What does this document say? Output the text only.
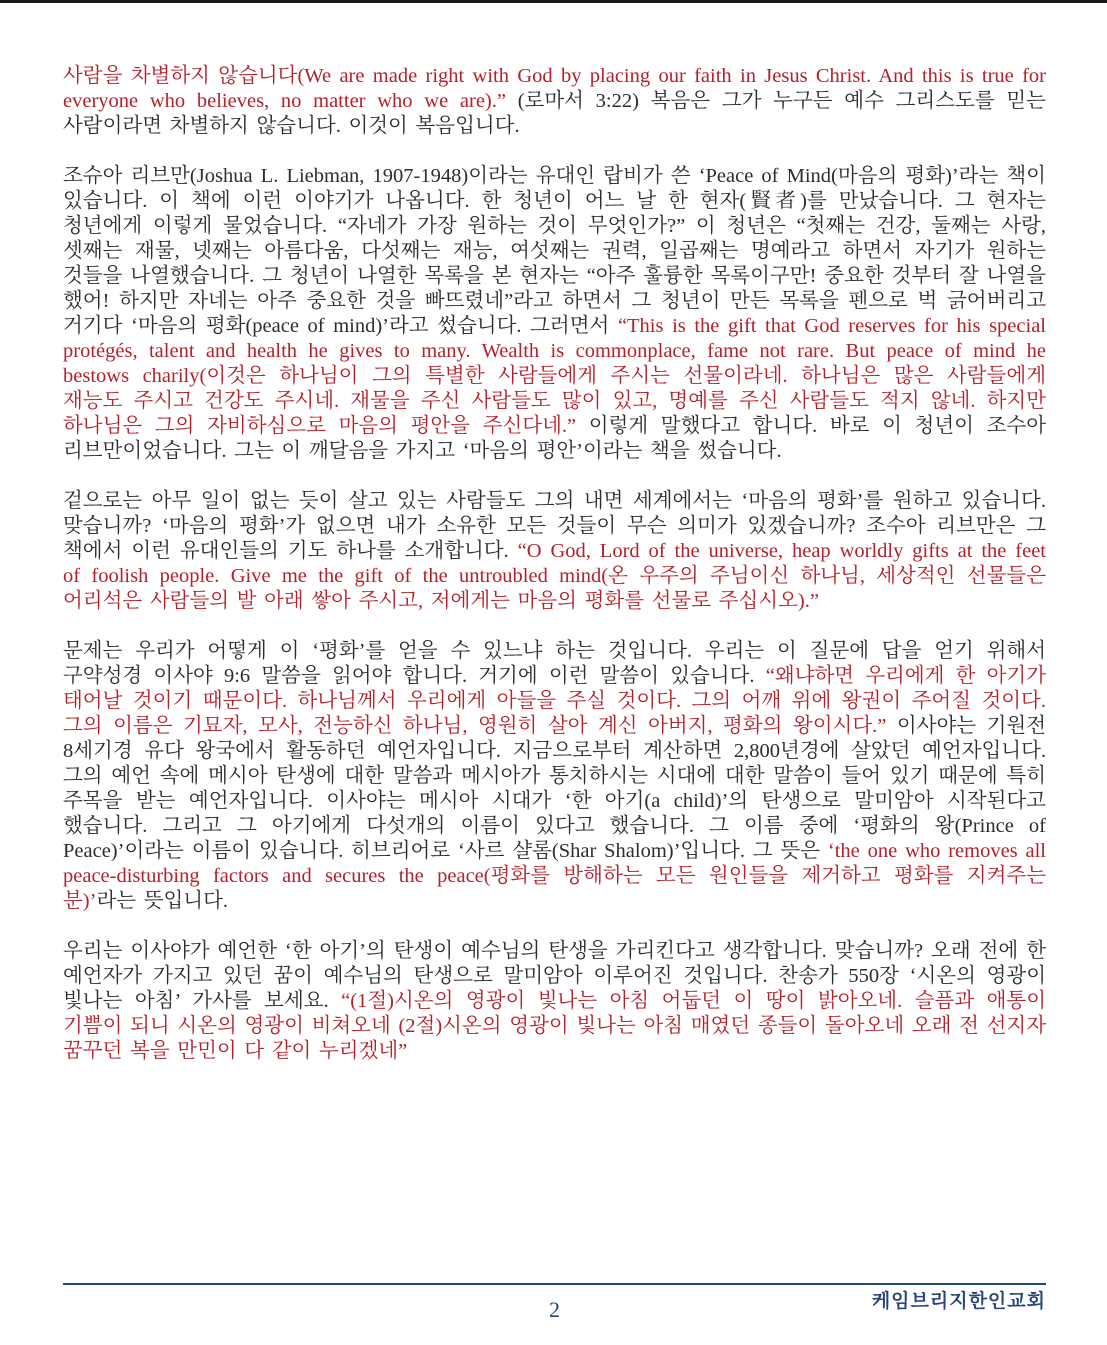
사람을 차별하지 않습니다(We are made right with God by placing our faith in Jesus Christ. And this is true for everyone who believes, no matter who we are).” (로마서 3:22) 복음은 그가 누구든 예수 그리스도를 믿는 사람이라면 차별하지 않습니다. 이것이 복음입니다.

조슈아 리브만(Joshua L. Liebman, 1907-1948)이라는 유대인 랍비가 쓴 ‘Peace of Mind(마음의 평화)’라는 책이 있습니다. 이 책에 이런 이야기가 나옵니다. 한 청년이 어느 날 한 현자(賢者)를 만났습니다. 그 현자는 청년에게 이렇게 물었습니다. “자네가 가장 원하는 것이 무엇인가?” 이 청년은 “첫째는 건강, 둘째는 사랑, 셋째는 재물, 넷째는 아름다움, 다섯째는 재능, 여섯째는 권력, 일곱째는 명예라고 하면서 자기가 원하는 것들을 나열했습니다. 그 청년이 나열한 목록을 본 현자는 “아주 훌륭한 목록이구만! 중요한 것부터 잘 나열을 했어! 하지만 자네는 아주 중요한 것을 빠뜨렸네”라고 하면서 그 청년이 만든 목록을 펜으로 벅 긁어버리고 거기다 ‘마음의 평화(peace of mind)’라고 썼습니다. 그러면서 “This is the gift that God reserves for his special protégés, talent and health he gives to many. Wealth is commonplace, fame not rare. But peace of mind he bestows charily(이것은 하나님이 그의 특별한 사람들에게 주시는 선물이라네. 하나님은 많은 사람들에게 재능도 주시고 건강도 주시네. 재물을 주신 사람들도 많이 있고, 명예를 주신 사람들도 적지 않네. 하지만 하나님은 그의 자비하심으로 마음의 평안을 주신다네.” 이렇게 말했다고 합니다. 바로 이 청년이 조수아 리브만이었습니다. 그는 이 깨달음을 가지고 ‘마음의 평안’이라는 책을 썼습니다.

겉으로는 아무 일이 없는 듯이 살고 있는 사람들도 그의 내면 세계에서는 ‘마음의 평화’를 원하고 있습니다. 맞습니까? ‘마음의 평화’가 없으면 내가 소유한 모든 것들이 무슨 의미가 있겠습니까? 조수아 리브만은 그 책에서 이런 유대인들의 기도 하나를 소개합니다. “O God, Lord of the universe, heap worldly gifts at the feet of foolish people. Give me the gift of the untroubled mind(온 우주의 주님이신 하나님, 세상적인 선물들은 어리석은 사람들의 발 아래 쌓아 주시고, 저에게는 마음의 평화를 선물로 주십시오).”

문제는 우리가 어떻게 이 ‘평화’를 얻을 수 있느냐 하는 것입니다. 우리는 이 질문에 답을 얻기 위해서 구약성경 이사야 9:6 말씀을 읽어야 합니다. 거기에 이런 말씀이 있습니다. “왜냐하면 우리에게 한 아기가 태어날 것이기 때문이다. 하나님께서 우리에게 아들을 주실 것이다. 그의 어깨 위에 왕권이 주어질 것이다. 그의 이름은 기묘자, 모사, 전능하신 하나님, 영원히 살아 계신 아버지, 평화의 왕이시다.” 이사야는 기원전 8세기경 유다 왕국에서 활동하던 예언자입니다. 지금으로부터 계산하면 2,800년경에 살았던 예언자입니다. 그의 예언 속에 메시아 탄생에 대한 말씀과 메시아가 통치하시는 시대에 대한 말씀이 들어 있기 때문에 특히 주목을 받는 예언자입니다. 이사야는 메시아 시대가 ‘한 아기(a child)’의 탄생으로 말미암아 시작된다고 했습니다. 그리고 그 아기에게 다섯개의 이름이 있다고 했습니다. 그 이름 중에 ‘평화의 왕(Prince of Peace)’이라는 이름이 있습니다. 히브리어로 ‘사르 샬롬(Shar Shalom)’입니다. 그 뜻은 ‘the one who removes all peace-disturbing factors and secures the peace(평화를 방해하는 모든 원인들을 제거하고 평화를 지켜주는 분)’라는 뜻입니다.

우리는 이사야가 예언한 ‘한 아기’의 탄생이 예수님의 탄생을 가리킨다고 생각합니다. 맞습니까? 오래 전에 한 예언자가 가지고 있던 꿈이 예수님의 탄생으로 말미암아 이루어진 것입니다. 찬송가 550장 ‘시온의 영광이 빛나는 아침’ 가사를 보세요. “(1절)시온의 영광이 빛나는 아침 어둡던 이 땅이 밝아오네. 슬픔과 애통이 기쁨이 되니 시온의 영광이 비쳐오네 (2절)시온의 영광이 빛나는 아침 매였던 종들이 돌아오네 오래 전 선지자 꿈꾸던 복을 만민이 다 같이 누리겠네”

케임브리지한인교회
2
